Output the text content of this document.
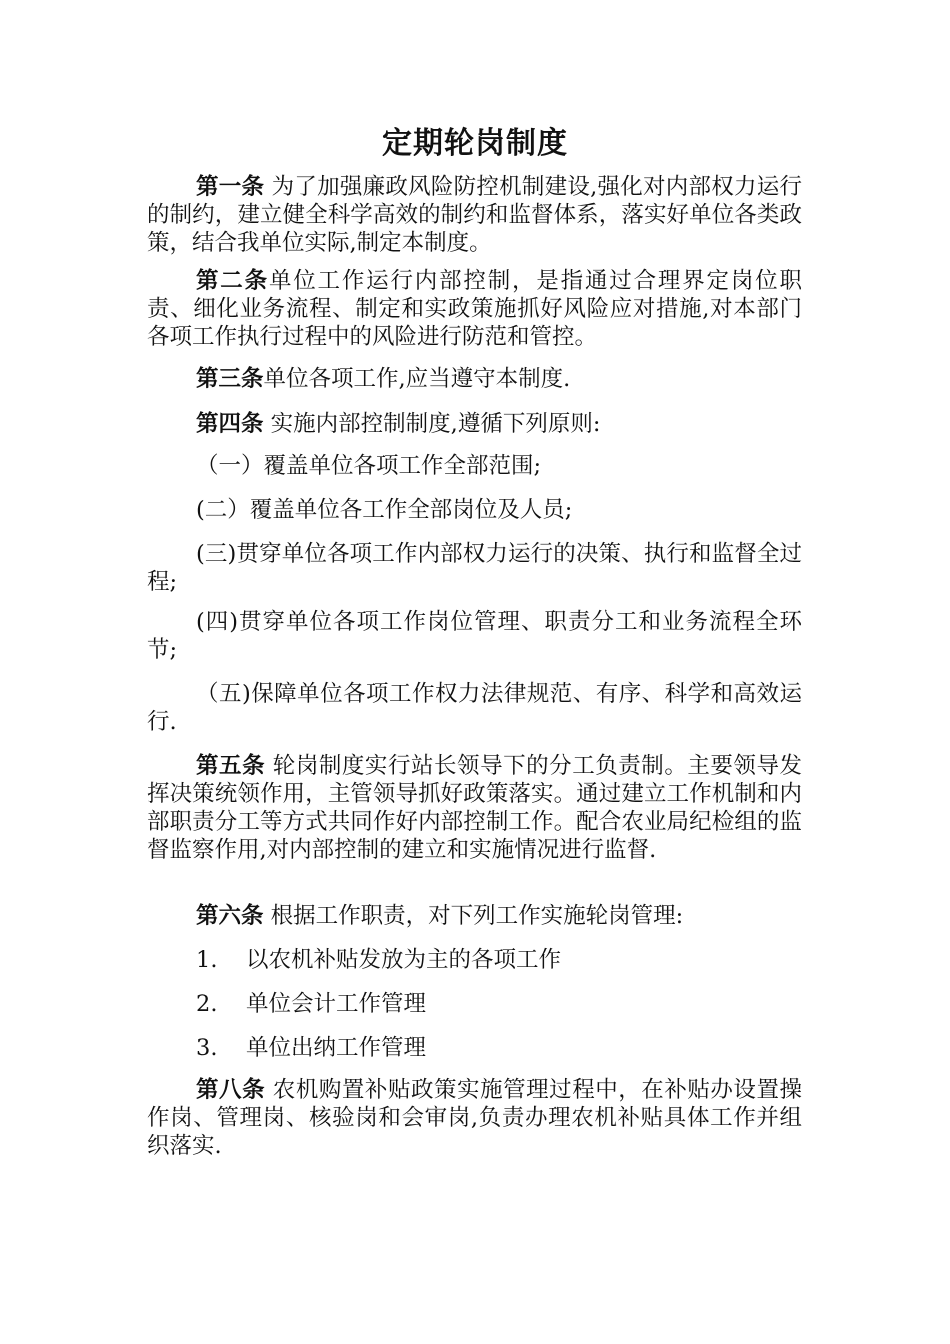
定期轮岗制度

第一条 为了加强廉政风险防控机制建设,强化对内部权力运行的制约，建立健全科学高效的制约和监督体系，落实好单位各类政策，结合我单位实际,制定本制度。

第二条单位工作运行内部控制，是指通过合理界定岗位职责、细化业务流程、制定和实政策施抓好风险应对措施,对本部门各项工作执行过程中的风险进行防范和管控。

第三条单位各项工作,应当遵守本制度.

第四条 实施内部控制制度,遵循下列原则:

（一）覆盖单位各项工作全部范围;

(二）覆盖单位各工作全部岗位及人员;

(三)贯穿单位各项工作内部权力运行的决策、执行和监督全过程;

(四)贯穿单位各项工作岗位管理、职责分工和业务流程全环节;

（五)保障单位各项工作权力法律规范、有序、科学和高效运行.

第五条 轮岗制度实行站长领导下的分工负责制。主要领导发挥决策统领作用，主管领导抓好政策落实。通过建立工作机制和内部职责分工等方式共同作好内部控制工作。配合农业局纪检组的监督监察作用,对内部控制的建立和实施情况进行监督.

第六条 根据工作职责，对下列工作实施轮岗管理:

1. 以农机补贴发放为主的各项工作

2. 单位会计工作管理

3. 单位出纳工作管理

第八条 农机购置补贴政策实施管理过程中，在补贴办设置操作岗、管理岗、核验岗和会审岗,负责办理农机补贴具体工作并组织落实.
